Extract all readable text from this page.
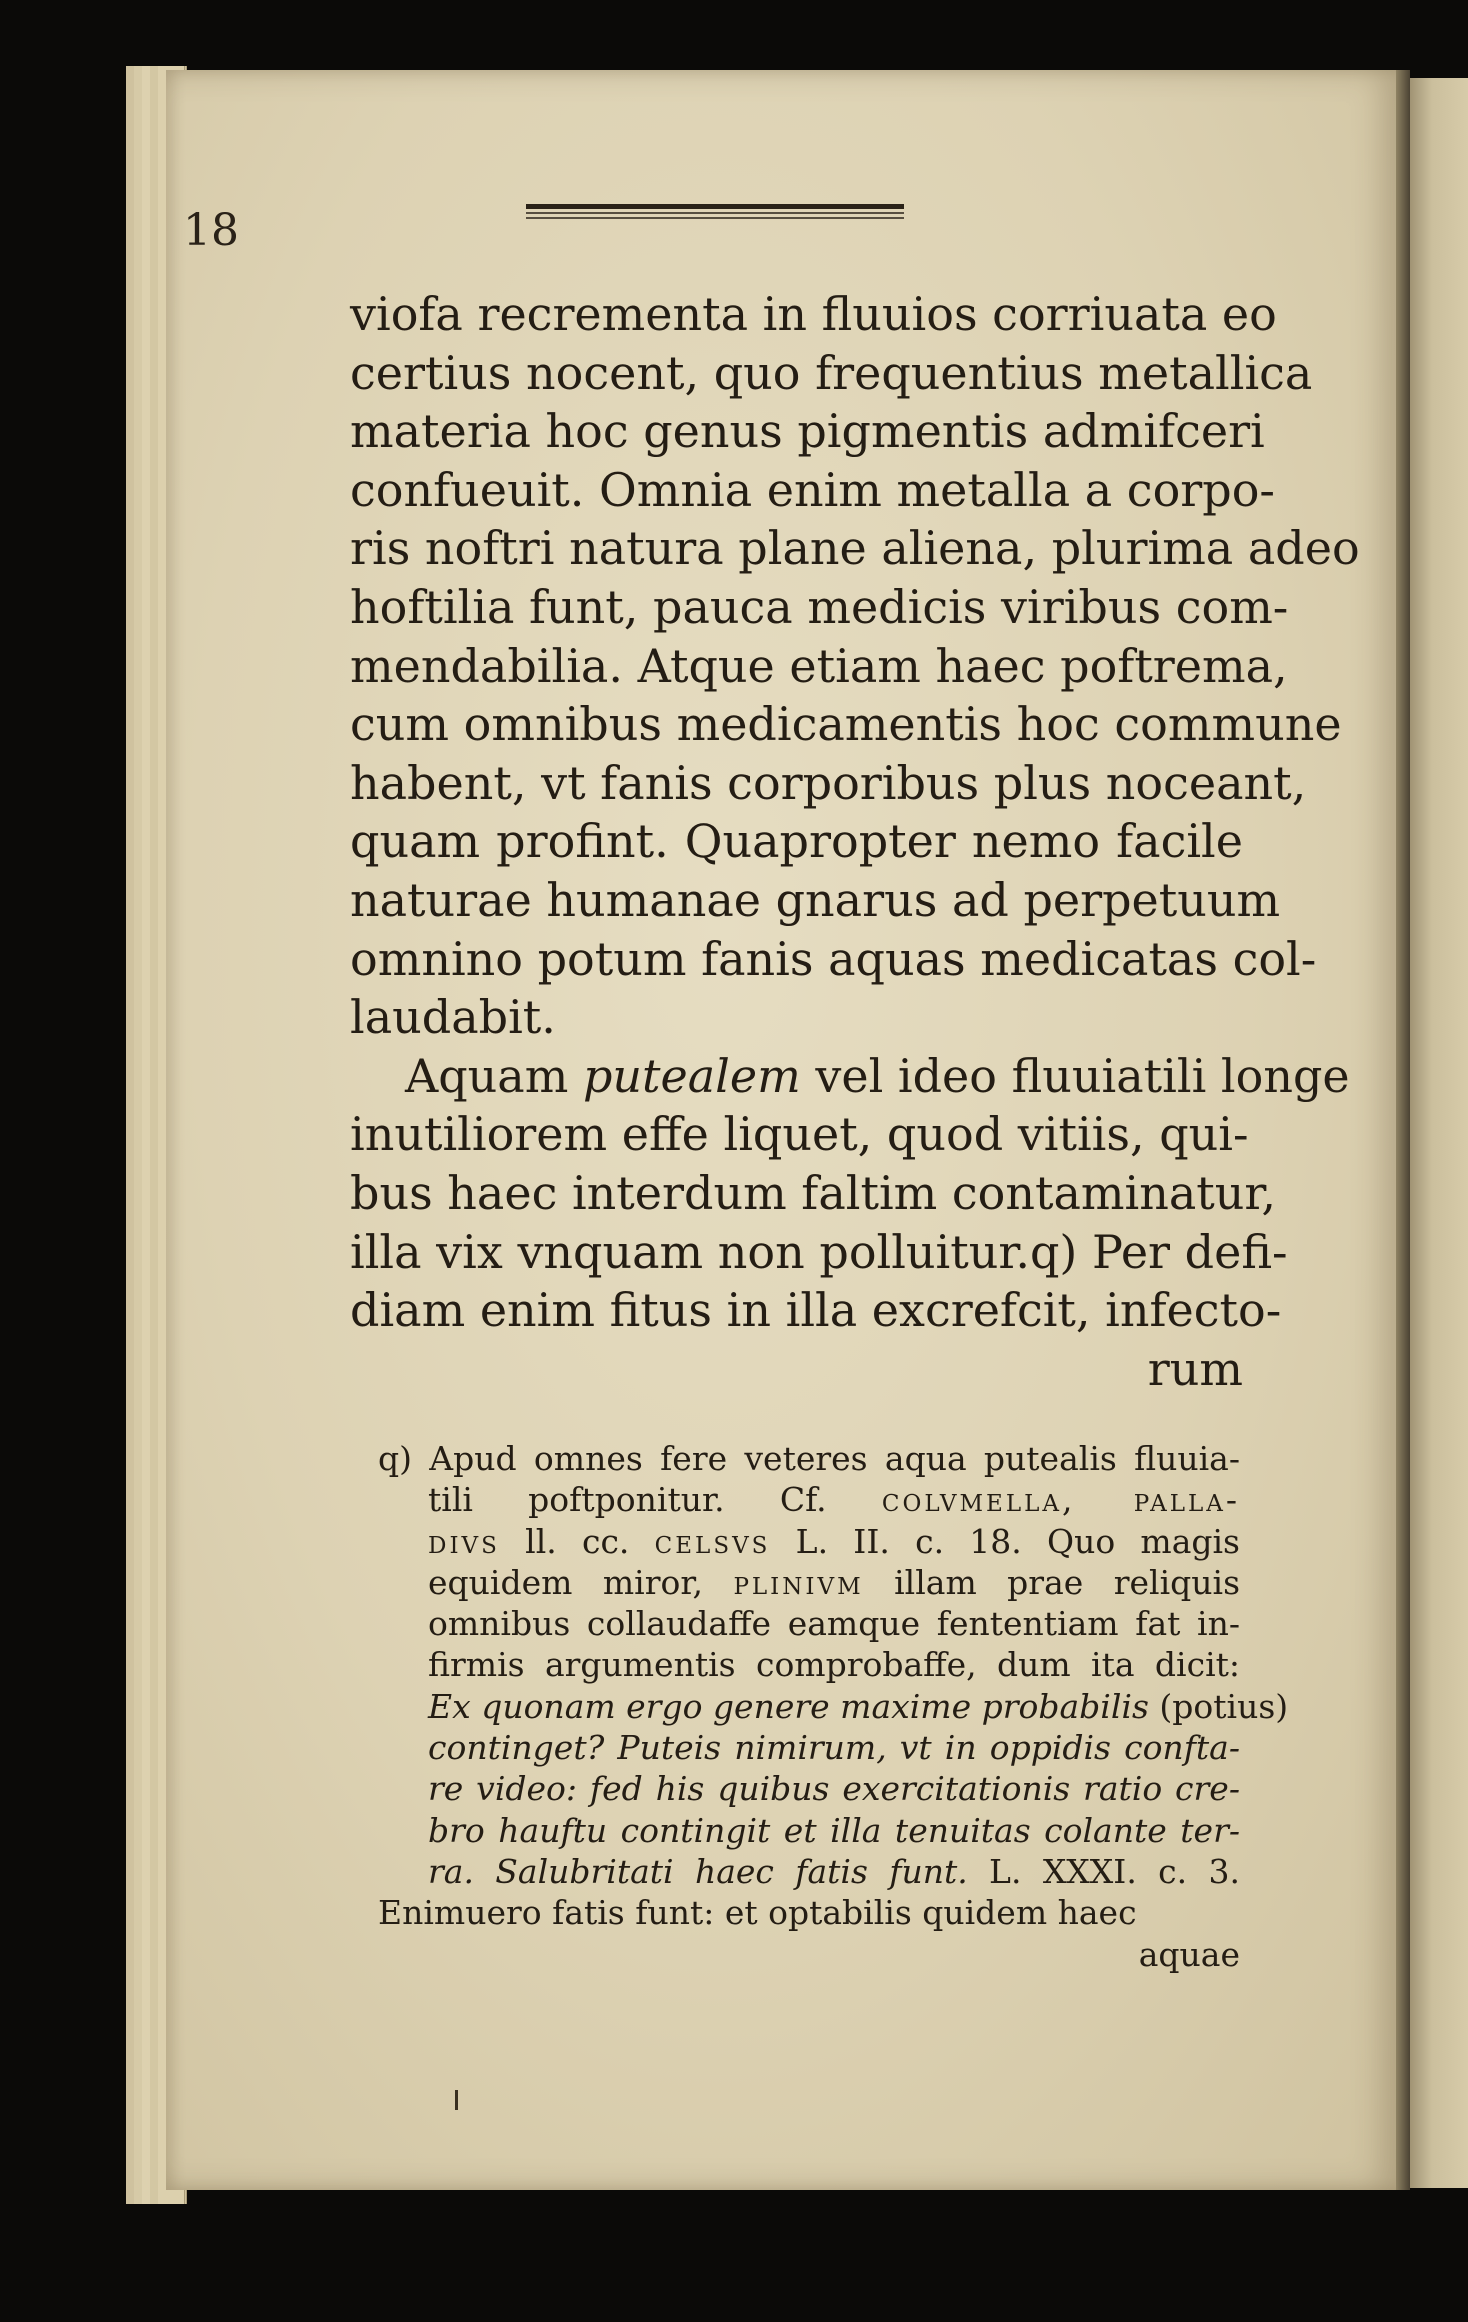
18

viofa recrementa in fluuios corriuata eo
certius nocent, quo frequentius metallica
materia hoc genus pigmentis admifceri
confueuit. Omnia enim metalla a corpo-
ris noftri natura plane aliena, plurima adeo
hoftilia funt, pauca medicis viribus com-
mendabilia. Atque etiam haec poftrema,
cum omnibus medicamentis hoc commune
habent, vt fanis corporibus plus noceant,
quam profint. Quapropter nemo facile
naturae humanae gnarus ad perpetuum
omnino potum fanis aquas medicatas col-
laudabit.

Aquam putealem vel ideo fluuiatili longe
inutiliorem effe liquet, quod vitiis, qui-
bus haec interdum faltim contaminatur,
illa vix vnquam non polluitur.q) Per defi-
diam enim fitus in illa excrefcit, infecto-
rum

q) Apud omnes fere veteres aqua putealis fluuia-
tili poftponitur. Cf. colvmella, palla-
divs ll. cc. celsvs L. II. c. 18. Quo magis
equidem miror, plinivm illam prae reliquis
omnibus collaudaffe eamque fententiam fat in-
firmis argumentis comprobaffe, dum ita dicit:
Ex quonam ergo genere maxime probabilis (potius)
continget? Puteis nimirum, vt in oppidis confta-
re video: fed his quibus exercitationis ratio cre-
bro hauftu contingit et illa tenuitas colante ter-
ra. Salubritati haec fatis funt. L. XXXI. c. 3.
Enimuero fatis funt: et optabilis quidem haec
aquae
